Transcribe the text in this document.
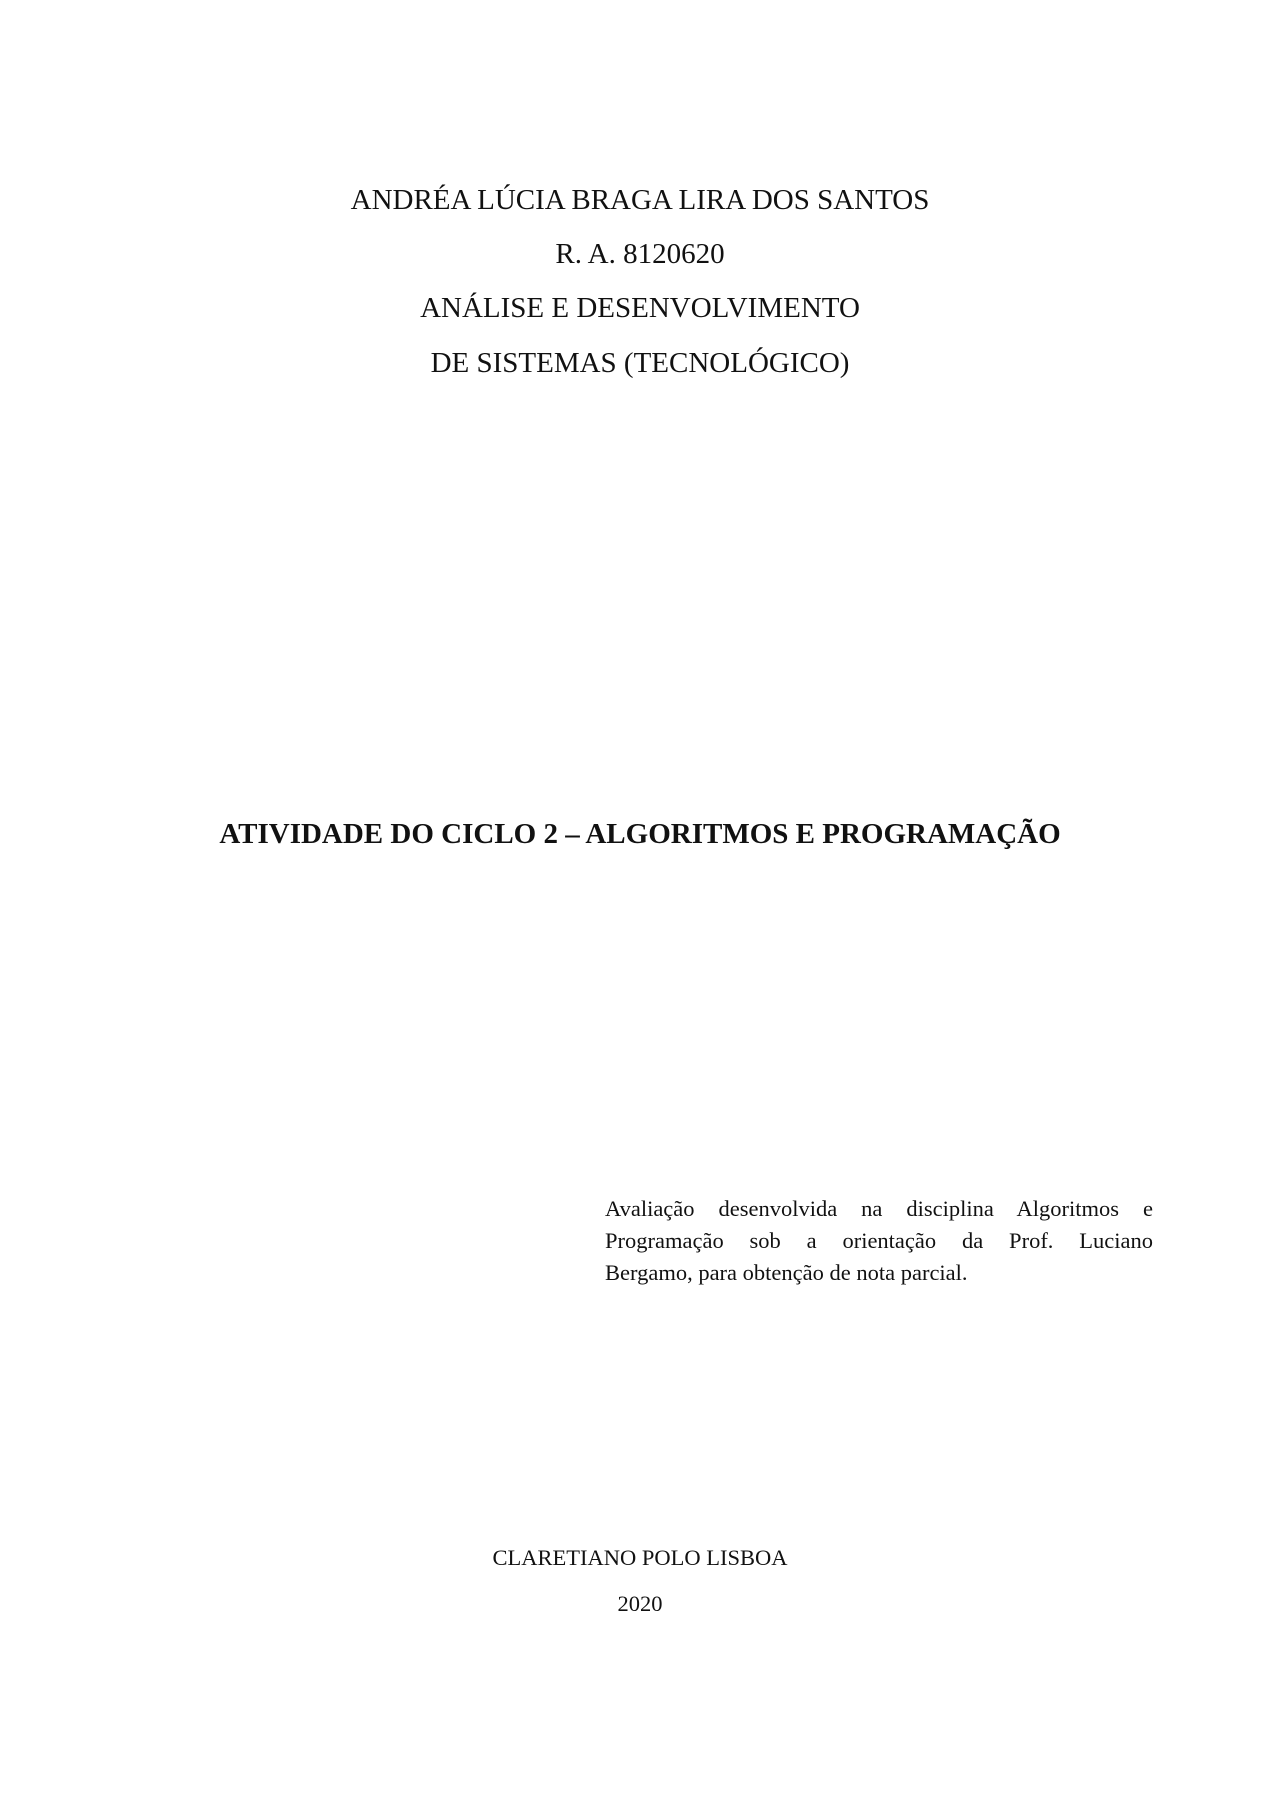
ANDRÉA LÚCIA BRAGA LIRA DOS SANTOS
R. A. 8120620
ANÁLISE E DESENVOLVIMENTO
DE SISTEMAS (TECNOLÓGICO)
ATIVIDADE DO CICLO 2 – ALGORITMOS E PROGRAMAÇÃO
Avaliação desenvolvida na disciplina Algoritmos e
Programação sob a orientação da Prof. Luciano
Bergamo, para obtenção de nota parcial.
CLARETIANO POLO LISBOA
2020
